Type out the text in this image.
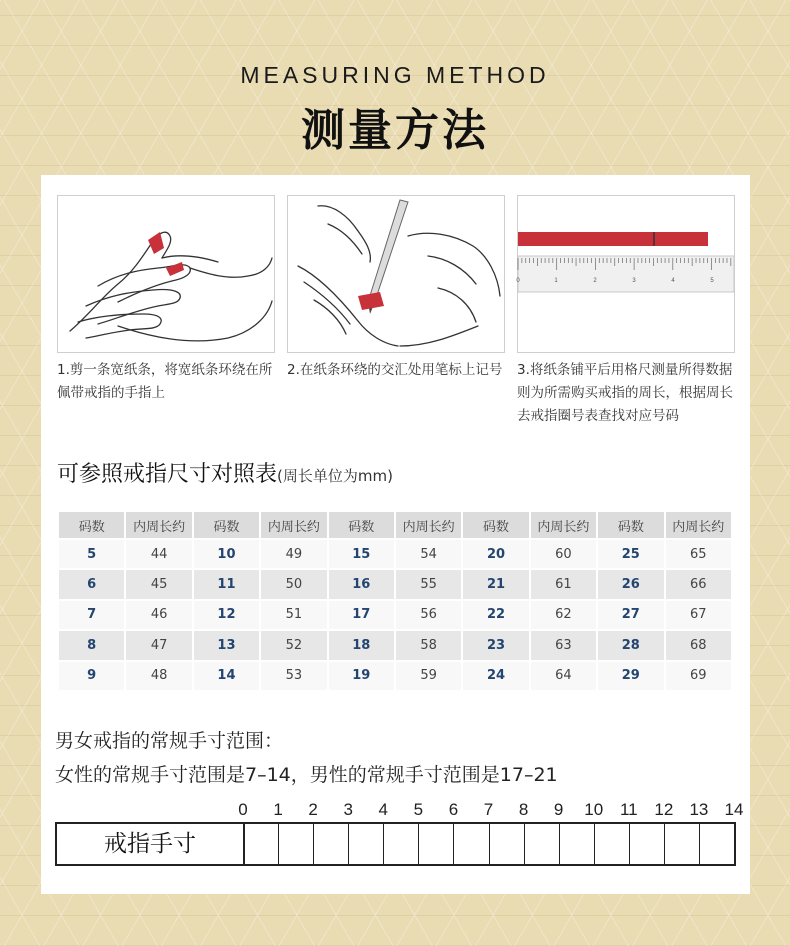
MEASURING METHOD
测量方法
1.剪一条宽纸条，将宽纸条环绕在所佩带戒指的手指上
2.在纸条环绕的交汇处用笔标上记号
0	1	2	3	4	5
3.将纸条铺平后用格尺测量所得数据则为所需购买戒指的周长，根据周长去戒指圈号表查找对应号码
可参照戒指尺寸对照表(周长单位为mm)
码数	内周长约	码数	内周长约	码数	内周长约	码数	内周长约	码数	内周长约
5	44	10	49	15	54	20	60	25	65
6	45	11	50	16	55	21	61	26	66
7	46	12	51	17	56	22	62	27	67
8	47	13	52	18	58	23	63	28	68
9	48	14	53	19	59	24	64	29	69
男女戒指的常规手寸范围：
女性的常规手寸范围是7–14，男性的常规手寸范围是17–21
0	1	2	3	4	5	6	7	8	9	10 11 12 13 14
戒指手寸
